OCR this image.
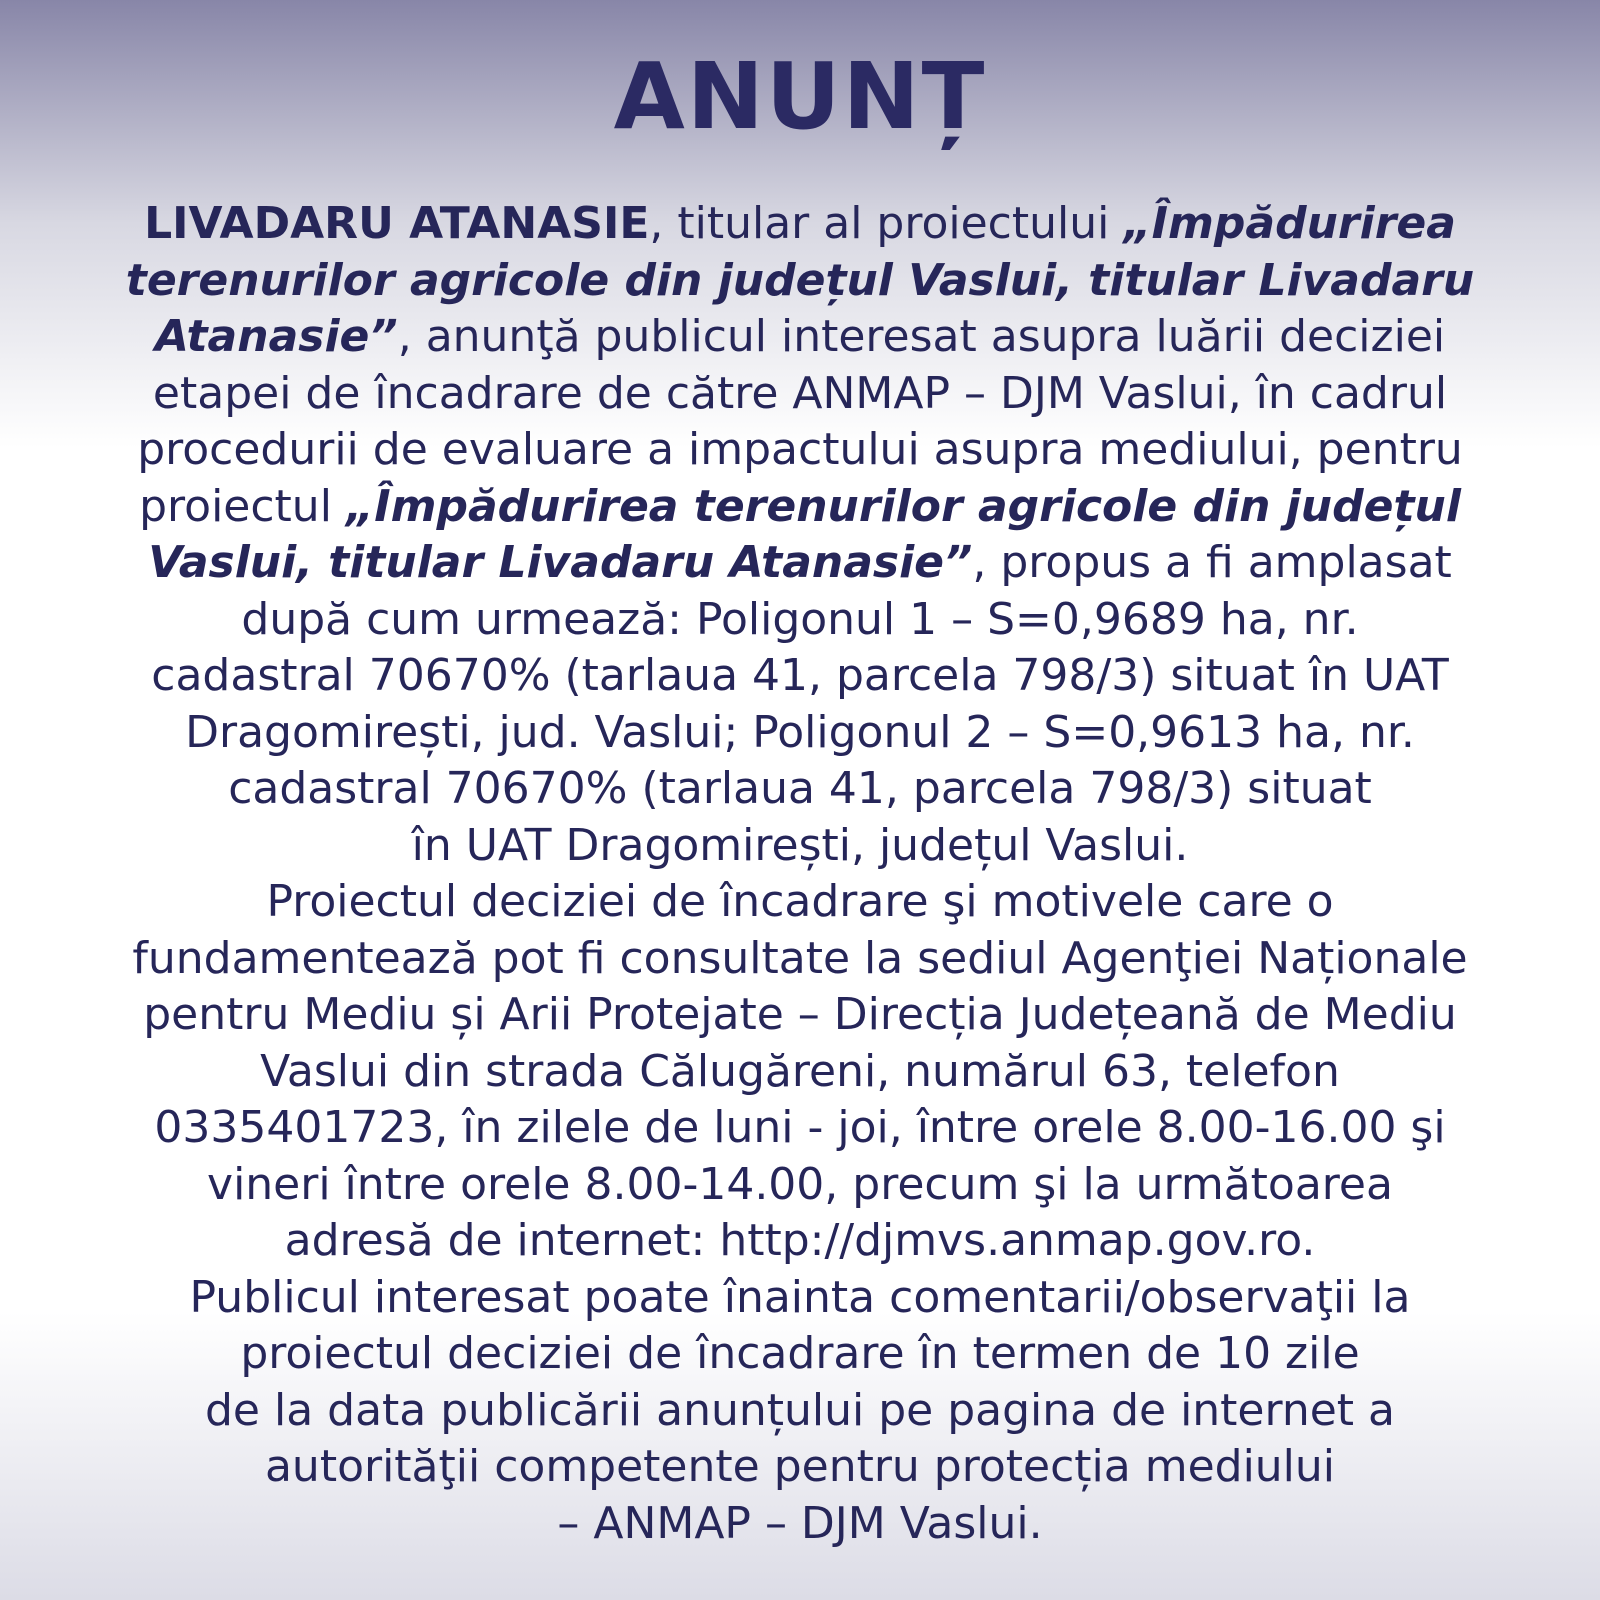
ANUNȚ
LIVADARU ATANASIE, titular al proiectului „Împădurirea
terenurilor agricole din județul Vaslui, titular Livadaru
Atanasie”, anunţă publicul interesat asupra luării deciziei
etapei de încadrare de către ANMAP – DJM Vaslui, în cadrul
procedurii de evaluare a impactului asupra mediului, pentru
proiectul „Împădurirea terenurilor agricole din județul
Vaslui, titular Livadaru Atanasie”, propus a fi amplasat
după cum urmează: Poligonul 1 – S=0,9689 ha, nr.
cadastral 70670% (tarlaua 41, parcela 798/3) situat în UAT
Dragomirești, jud. Vaslui; Poligonul 2 – S=0,9613 ha, nr.
cadastral 70670% (tarlaua 41, parcela 798/3) situat
în UAT Dragomirești, județul Vaslui.
Proiectul deciziei de încadrare şi motivele care o
fundamentează pot fi consultate la sediul Agenţiei Naționale
pentru Mediu și Arii Protejate – Direcția Județeană de Mediu
Vaslui din strada Călugăreni, numărul 63, telefon
0335401723, în zilele de luni - joi, între orele 8.00-16.00 şi
vineri între orele 8.00-14.00, precum şi la următoarea
adresă de internet: http://djmvs.anmap.gov.ro.
Publicul interesat poate înainta comentarii/observaţii la
proiectul deciziei de încadrare în termen de 10 zile
de la data publicării anunțului pe pagina de internet a
autorităţii competente pentru protecția mediului
– ANMAP – DJM Vaslui.
